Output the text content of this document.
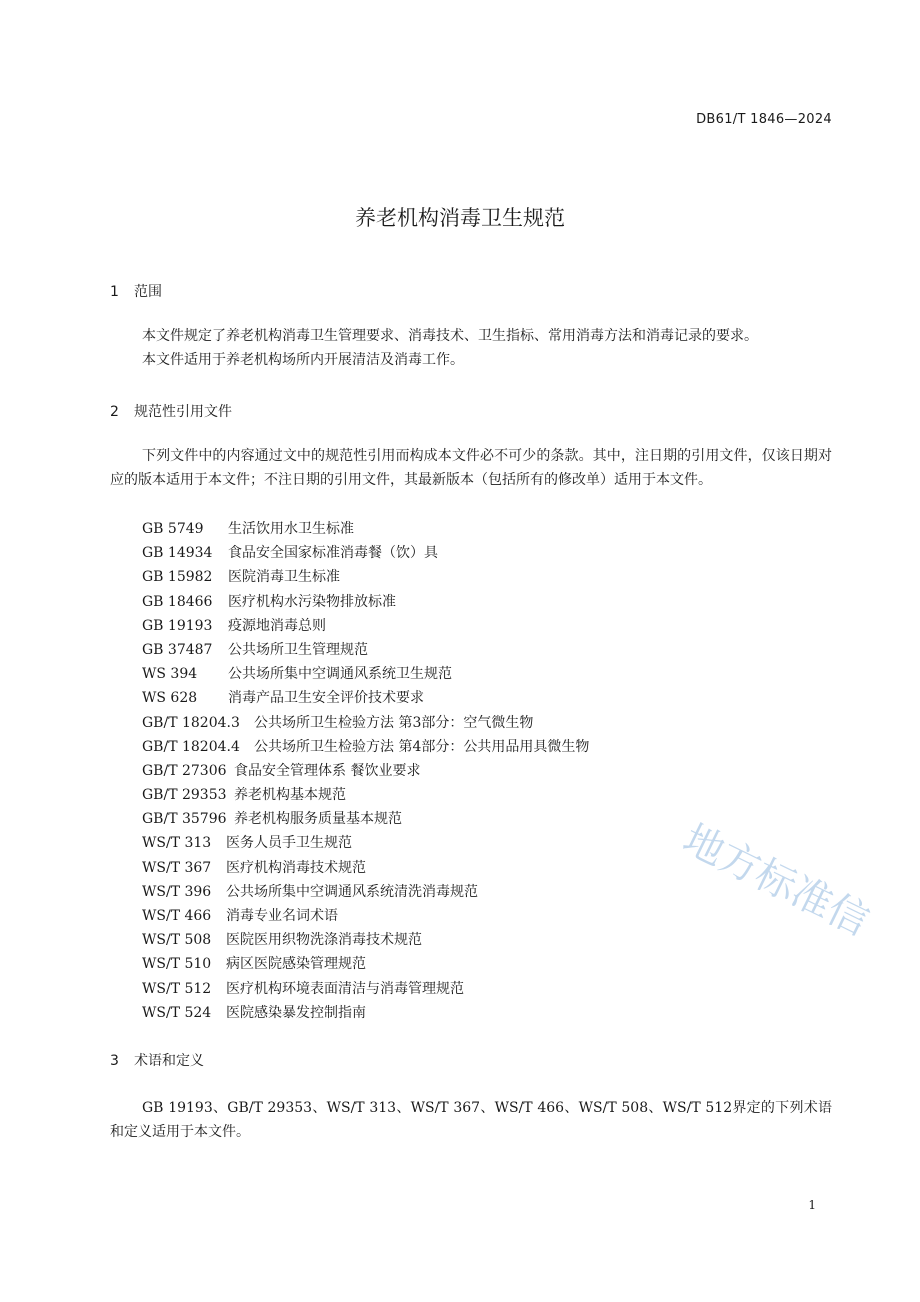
DB61/T 1846—2024
养老机构消毒卫生规范
1 范围
本文件规定了养老机构消毒卫生管理要求、消毒技术、卫生指标、常用消毒方法和消毒记录的要求。
本文件适用于养老机构场所内开展清洁及消毒工作。
2 规范性引用文件
下列文件中的内容通过文中的规范性引用而构成本文件必不可少的条款。其中，注日期的引用文件，仅该日期对应的版本适用于本文件；不注日期的引用文件，其最新版本（包括所有的修改单）适用于本文件。
GB 5749 生活饮用水卫生标准
GB 14934 食品安全国家标准消毒餐（饮）具
GB 15982 医院消毒卫生标准
GB 18466 医疗机构水污染物排放标准
GB 19193 疫源地消毒总则
GB 37487 公共场所卫生管理规范
WS 394 公共场所集中空调通风系统卫生规范
WS 628 消毒产品卫生安全评价技术要求
GB/T 18204.3 公共场所卫生检验方法 第3部分：空气微生物
GB/T 18204.4 公共场所卫生检验方法 第4部分：公共用品用具微生物
GB/T 27306 食品安全管理体系 餐饮业要求
GB/T 29353 养老机构基本规范
GB/T 35796 养老机构服务质量基本规范
WS/T 313 医务人员手卫生规范
WS/T 367 医疗机构消毒技术规范
WS/T 396 公共场所集中空调通风系统清洗消毒规范
WS/T 466 消毒专业名词术语
WS/T 508 医院医用织物洗涤消毒技术规范
WS/T 510 病区医院感染管理规范
WS/T 512 医疗机构环境表面清洁与消毒管理规范
WS/T 524 医院感染暴发控制指南
3 术语和定义
GB 19193、GB/T 29353、WS/T 313、WS/T 367、WS/T 466、WS/T 508、WS/T 512界定的下列术语和定义适用于本文件。
地方标准信
1
